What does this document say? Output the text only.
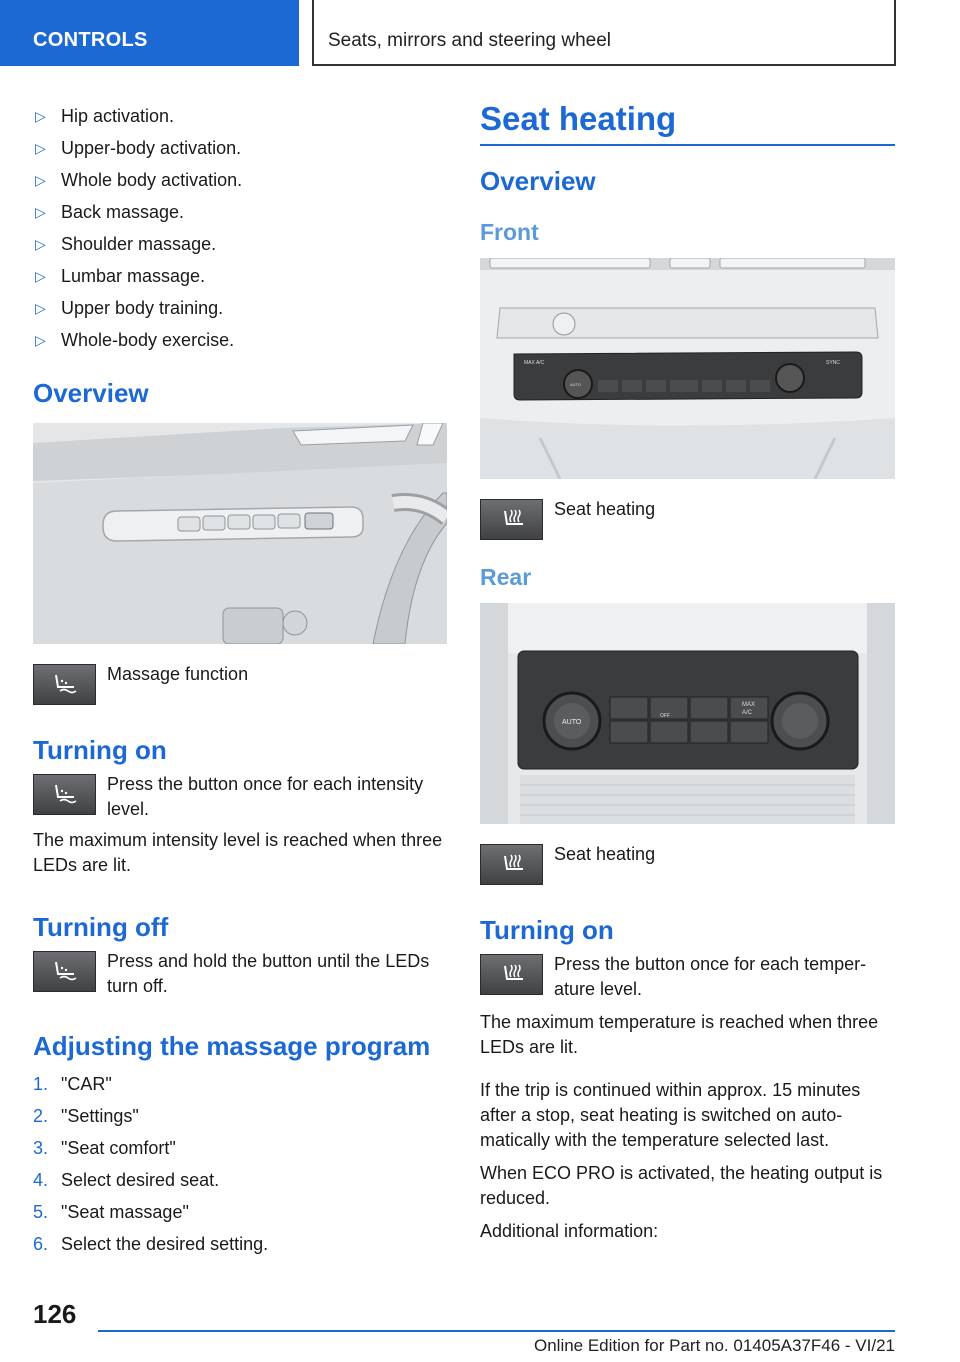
CONTROLS	Seats, mirrors and steering wheel
▷ Hip activation.
▷ Upper-body activation.
▷ Whole body activation.
▷ Back massage.
▷ Shoulder massage.
▷ Lumbar massage.
▷ Upper body training.
▷ Whole-body exercise.
Overview
Massage function
Turning on
Press the button once for each intensity level.

The maximum intensity level is reached when three LEDs are lit.

Turning off
Press and hold the button until the LEDs turn off.
Adjusting the massage program
1. "CAR"
2. "Settings"
3. "Seat comfort"
4. Select desired seat.
5. "Seat massage"
6. Select the desired setting.
Seat heating
Overview
Front
MAX A/C
AUTO
SYNC
Seat heating
Rear
AUTO
OFF
MAX
A/C
Seat heating
Turning on
Press the button once for each temper‐ ature level.

The maximum temperature is reached when three LEDs are lit.

If the trip is continued within approx. 15 minutes after a stop, seat heating is switched on auto‐ matically with the temperature selected last.

When ECO PRO is activated, the heating output is reduced.

Additional information:

126
Online Edition for Part no. 01405A37F46 - VI/21
